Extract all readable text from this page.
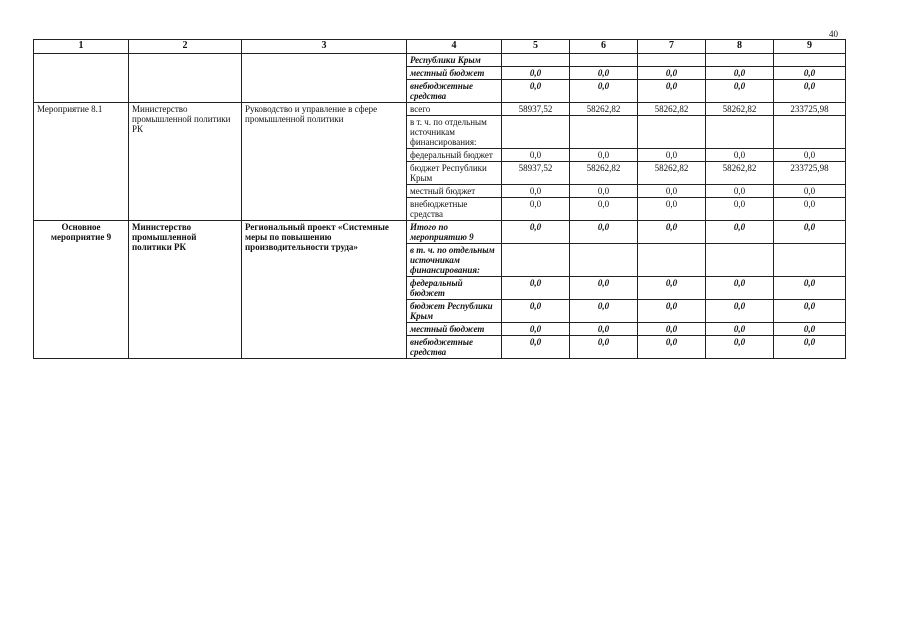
40
1	2	3	4	5	6	7	8	9
			Республики Крым					
			местный бюджет	0,0	0,0	0,0	0,0	0,0
			внебюджетные средства	0,0	0,0	0,0	0,0	0,0
Мероприятие 8.1	Министерство промышленной политики РК	Руководство и управление в сфере промышленной политики	всего	58937,52	58262,82	58262,82	58262,82	233725,98
			в т. ч. по отдельным источникам финансирования:					
			федеральный бюджет	0,0	0,0	0,0	0,0	0,0
			бюджет Республики Крым	58937,52	58262,82	58262,82	58262,82	233725,98
			местный бюджет	0,0	0,0	0,0	0,0	0,0
			внебюджетные средства	0,0	0,0	0,0	0,0	0,0
Основное мероприятие 9	Министерство промышленной политики РК	Региональный проект «Системные меры по повышению производительности труда»	Итого по мероприятию 9	0,0	0,0	0,0	0,0	0,0
			в т. ч. по отдельным источникам финансирования:					
			федеральный бюджет	0,0	0,0	0,0	0,0	0,0
			бюджет Республики Крым	0,0	0,0	0,0	0,0	0,0
			местный бюджет	0,0	0,0	0,0	0,0	0,0
			внебюджетные средства	0,0	0,0	0,0	0,0	0,0
